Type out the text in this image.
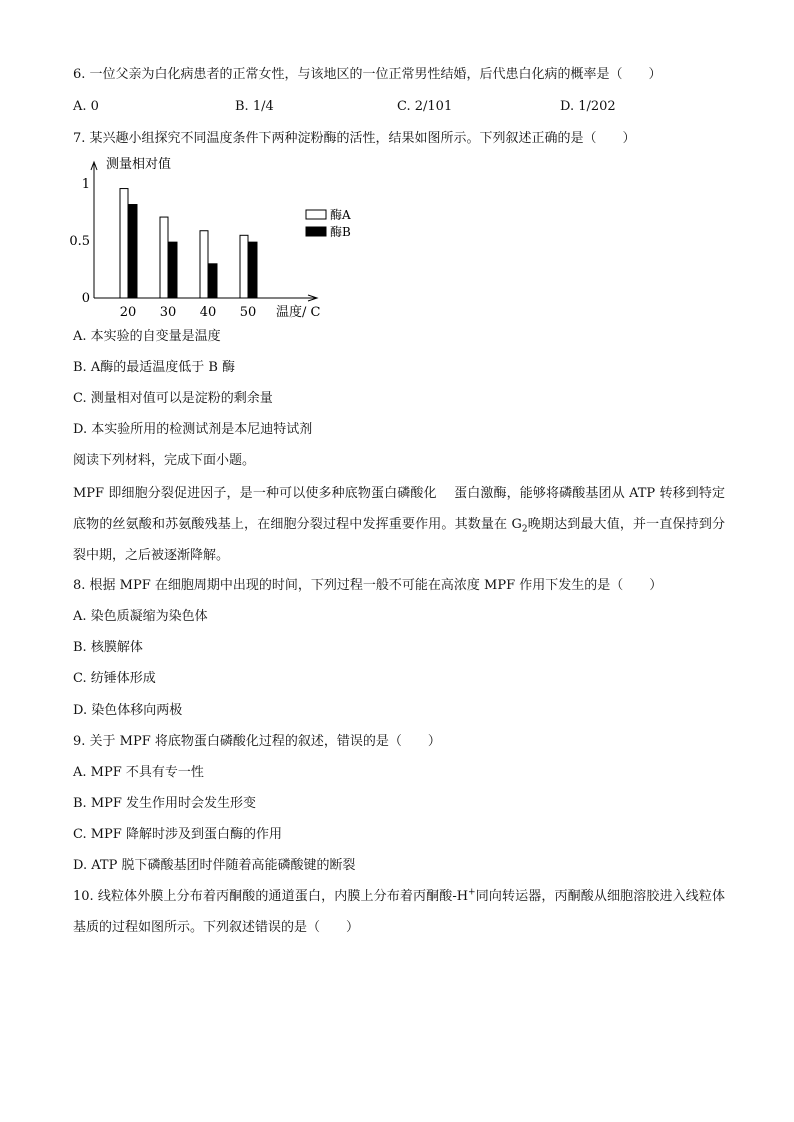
6. 一位父亲为白化病患者的正常女性，与该地区的一位正常男性结婚，后代患白化病的概率是（　　）
A. 0	B. 1/4	C. 2/101	D. 1/202
7. 某兴趣小组探究不同温度条件下两种淀粉酶的活性，结果如图所示。下列叙述正确的是（　　）
1
0.5
0
测量相对值
温度/ C
20 30 40 50
酶A
酶B
A. 本实验的自变量是温度
B. A酶的最适温度低于 B 酶
C. 测量相对值可以是淀粉的剩余量
D. 本实验所用的检测试剂是本尼迪特试剂
阅读下列材料，完成下面小题。
MPF 即细胞分裂促进因子，是一种可以使多种底物蛋白磷酸化　 蛋白激酶，能够将磷酸基团从 ATP 转移到特定底物的丝氨酸和苏氨酸残基上，在细胞分裂过程中发挥重要作用。其数量在 $G_2$晚期达到最大值，并一直保持到分裂中期，之后被逐渐降解。
8. 根据 MPF 在细胞周期中出现的时间，下列过程一般不可能在高浓度 MPF 作用下发生的是（　　）
A. 染色质凝缩为染色体
B. 核膜解体
C. 纺锤体形成
D. 染色体移向两极
9. 关于 MPF 将底物蛋白磷酸化过程的叙述，错误的是（　　）
A. MPF 不具有专一性
B. MPF 发生作用时会发生形变
C. MPF 降解时涉及到蛋白酶的作用
D. ATP 脱下磷酸基团时伴随着高能磷酸键的断裂
10. 线粒体外膜上分布着丙酮酸的通道蛋白，内膜上分布着丙酮酸-H+同向转运器，丙酮酸从细胞溶胶进入线粒体基质的过程如图所示。下列叙述错误的是（　　）
